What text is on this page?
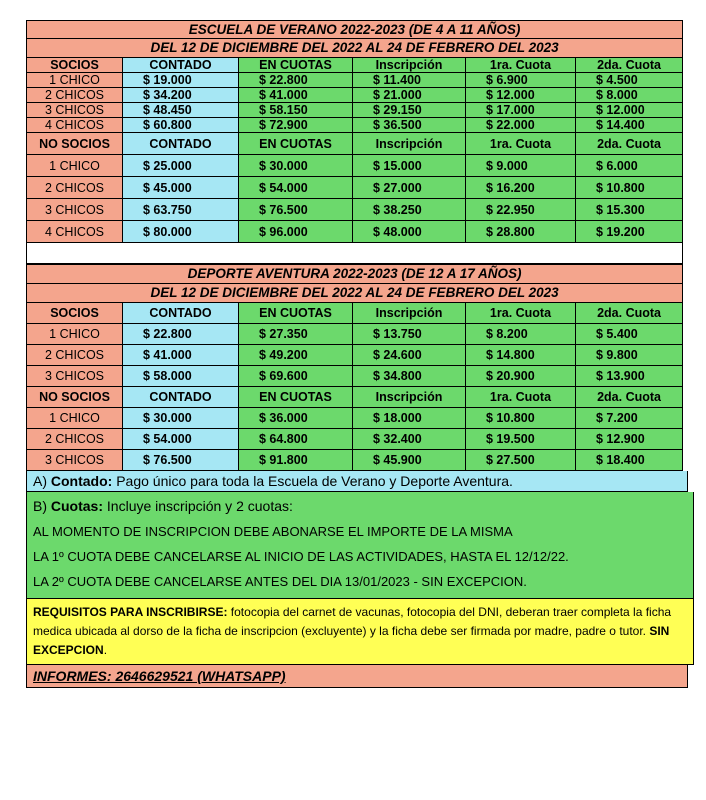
ESCUELA DE VERANO 2022-2023 (DE 4 A 11 AÑOS)					
DEL 12 DE DICIEMBRE DEL 2022 AL 24 DE FEBRERO DEL 2023					
SOCIOS	CONTADO	EN CUOTAS	Inscripción	1ra. Cuota	2da. Cuota
1 CHICO	$ 19.000	$ 22.800	$ 11.400	$ 6.900	$ 4.500
2 CHICOS	$ 34.200	$ 41.000	$ 21.000	$ 12.000	$ 8.000
3 CHICOS	$ 48.450	$ 58.150	$ 29.150	$ 17.000	$ 12.000
4 CHICOS	$ 60.800	$ 72.900	$ 36.500	$ 22.000	$ 14.400
NO SOCIOS	CONTADO	EN CUOTAS	Inscripción	1ra. Cuota	2da. Cuota
1 CHICO	$ 25.000	$ 30.000	$ 15.000	$ 9.000	$ 6.000
2 CHICOS	$ 45.000	$ 54.000	$ 27.000	$ 16.200	$ 10.800
3 CHICOS	$ 63.750	$ 76.500	$ 38.250	$ 22.950	$ 15.300
4 CHICOS	$ 80.000	$ 96.000	$ 48.000	$ 28.800	$ 19.200

DEPORTE AVENTURA 2022-2023 (DE 12 A 17 AÑOS)					
DEL 12 DE DICIEMBRE DEL 2022 AL 24 DE FEBRERO DEL 2023					
SOCIOS	CONTADO	EN CUOTAS	Inscripción	1ra. Cuota	2da. Cuota
1 CHICO	$ 22.800	$ 27.350	$ 13.750	$ 8.200	$ 5.400
2 CHICOS	$ 41.000	$ 49.200	$ 24.600	$ 14.800	$ 9.800
3 CHICOS	$ 58.000	$ 69.600	$ 34.800	$ 20.900	$ 13.900
NO SOCIOS	CONTADO	EN CUOTAS	Inscripción	1ra. Cuota	2da. Cuota
1 CHICO	$ 30.000	$ 36.000	$ 18.000	$ 10.800	$ 7.200
2 CHICOS	$ 54.000	$ 64.800	$ 32.400	$ 19.500	$ 12.900
3 CHICOS	$ 76.500	$ 91.800	$ 45.900	$ 27.500	$ 18.400
A) Contado: Pago único para toda la Escuela de Verano y Deporte Aventura.
B) Cuotas: Incluye inscripción y 2 cuotas:
AL MOMENTO DE INSCRIPCION DEBE ABONARSE EL IMPORTE DE LA MISMA
LA 1º CUOTA DEBE CANCELARSE AL INICIO DE LAS ACTIVIDADES, HASTA EL 12/12/22.
LA 2º CUOTA DEBE CANCELARSE ANTES DEL DIA 13/01/2023 - SIN EXCEPCION.
REQUISITOS PARA INSCRIBIRSE: fotocopia del carnet de vacunas, fotocopia del DNI, deberan traer completa la ficha medica ubicada al dorso de la ficha de inscripcion (excluyente) y la ficha debe ser firmada por madre, padre o tutor. SIN EXCEPCION.
INFORMES: 2646629521 (WHATSAPP)
